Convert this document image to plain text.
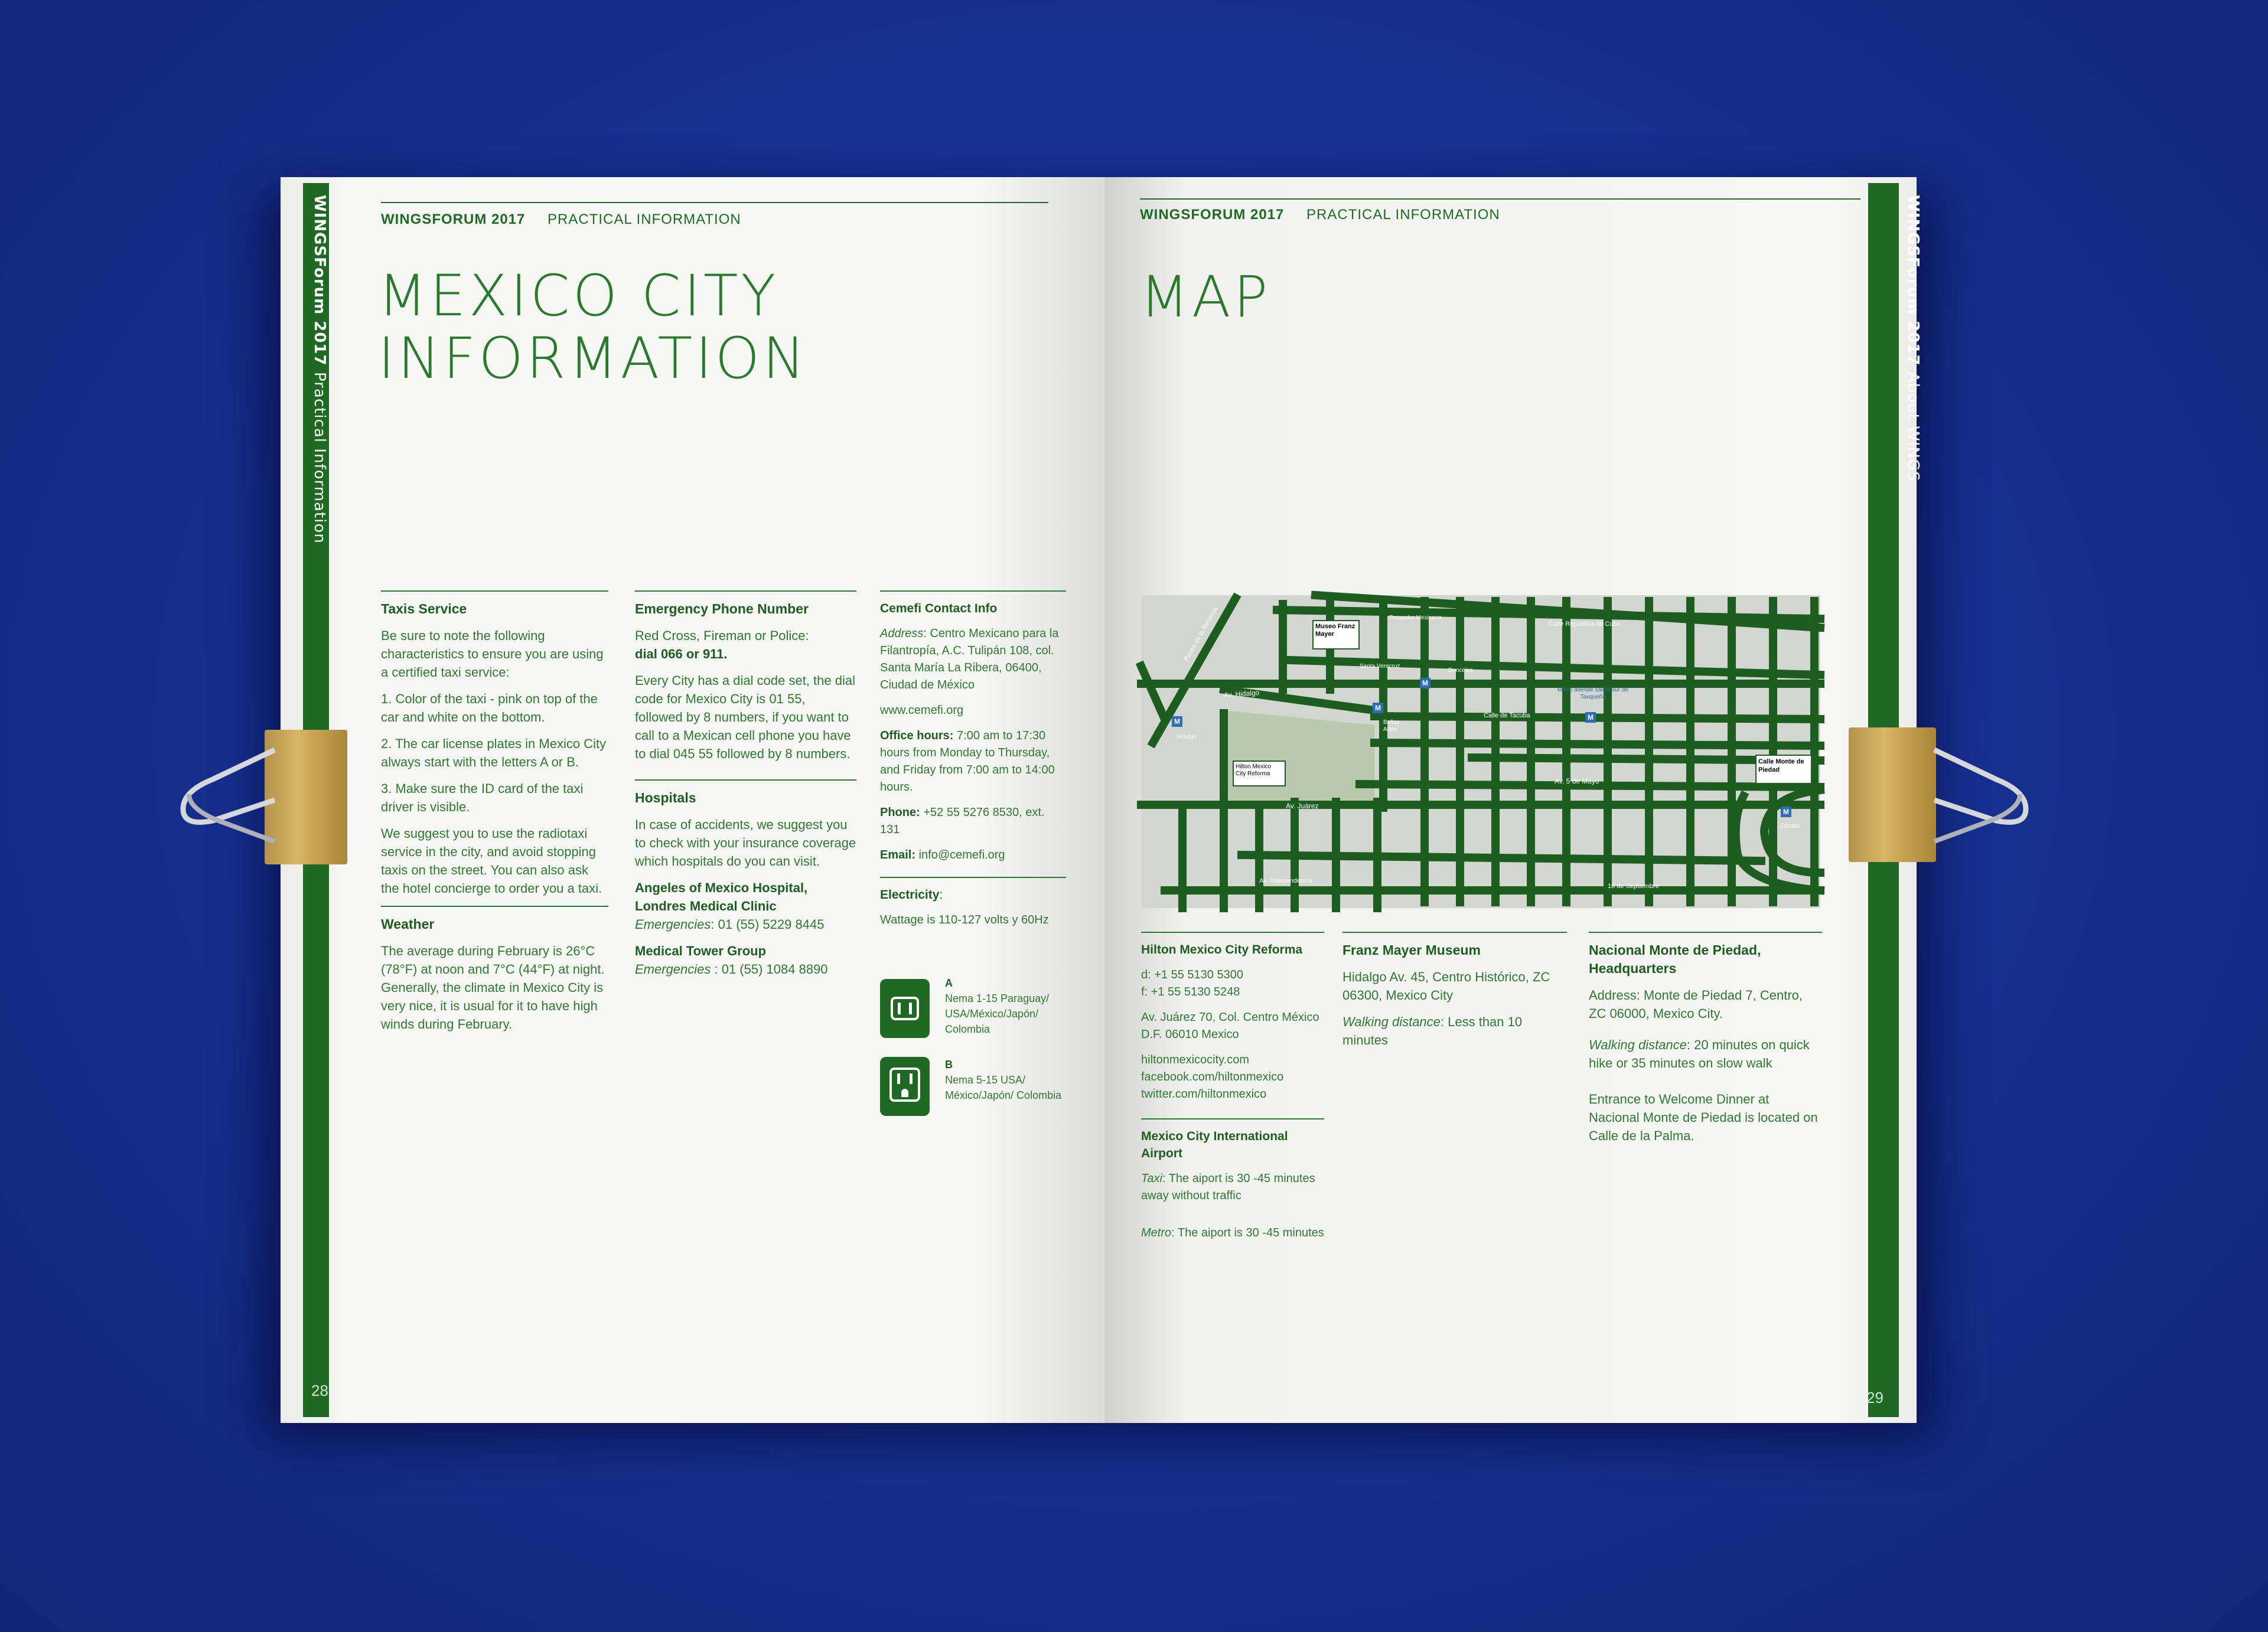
WINGSForum 2017
Practical Information
WINGSFORUM 2017 PRACTICAL INFORMATION
MEXICO CITY
INFORMATION
Taxis Service

Be sure to note the following characteristics to ensure you are using a certified taxi service:

1. Color of the taxi - pink on top of the car and white on the bottom.

2. The car license plates in Mexico City always start with the letters A or B.

3. Make sure the ID card of the taxi driver is visible.

We suggest you to use the radiotaxi service in the city, and avoid stopping taxis on the street. You can also ask the hotel concierge to order you a taxi.

Weather

The average during February is 26°C (78°F) at noon and 7°C (44°F) at night. Generally, the climate in Mexico City is very nice, it is usual for it to have high winds during February.

Emergency Phone Number

Red Cross, Fireman or Police:

dial 066 or 911.

Every City has a dial code set, the dial code for Mexico City is 01 55, followed by 8 numbers, if you want to call to a Mexican cell phone you have to dial 045 55 followed by 8 numbers.

Hospitals

In case of accidents, we suggest you to check with your insurance coverage which hospitals do you can visit.

Angeles of Mexico Hospital, Londres Medical Clinic

Emergencies: 01 (55) 5229 8445

Medical Tower Group

Emergencies : 01 (55) 1084 8890

Cemefi Contact Info

Address: Centro Mexicano para la Filantropía, A.C. Tulipán 108, col. Santa María La Ribera, 06400, Ciudad de México

www.cemefi.org

Office hours: 7:00 am to 17:30 hours from Monday to Thursday, and Friday from 7:00 am to 14:00 hours.

Phone: +52 55 5276 8530, ext. 131

Email: info@cemefi.org

Electricity:

Wattage is 110-127 volts y 60Hz

A
Nema 1-15 Paraguay/ USA/México/Japón/ Colombia
B
Nema 5-15 USA/ México/Japón/ Colombia
28
WINGSForum 2017
About WINGS
WINGSFORUM 2017 PRACTICAL INFORMATION
MAP
29
Museo Franz Mayer
Hilton Mexico City Reforma
Calle Monte de Piedad
Av. Hidalgo
Av. Juárez
Av. Independencia
Av. 5 de Mayo
16 de Septiembre
Calle de Tacuba
Calle República de Cuba
Pensador Mexicano
Santa Veracruz
Donceles
Bellas Artes
Zócalo
Metro allende salida sur de Taxqueña
Hidalgo
Paseo de la Reforma
M
M
M
M
M
Hilton Mexico City Reforma
d: +1 55 5130 5300

f: +1 55 5130 5248

Av. Juárez 70, Col. Centro México D.F. 06010 Mexico

hiltonmexicocity.com
facebook.com/hiltonmexico

twitter.com/hiltonmexico

Mexico City International Airport

Taxi: The aiport is 30 -45 minutes away without traffic

Metro: The aiport is 30 -45 minutes

Franz Mayer Museum

Hidalgo Av. 45, Centro Histórico, ZC 06300, Mexico City

Walking distance: Less than 10 minutes

Nacional Monte de Piedad, Headquarters

Address: Monte de Piedad 7, Centro, ZC 06000, Mexico City.

Walking distance: 20 minutes on quick hike or 35 minutes on slow walk

Entrance to Welcome Dinner at Nacional Monte de Piedad is located on Calle de la Palma.
